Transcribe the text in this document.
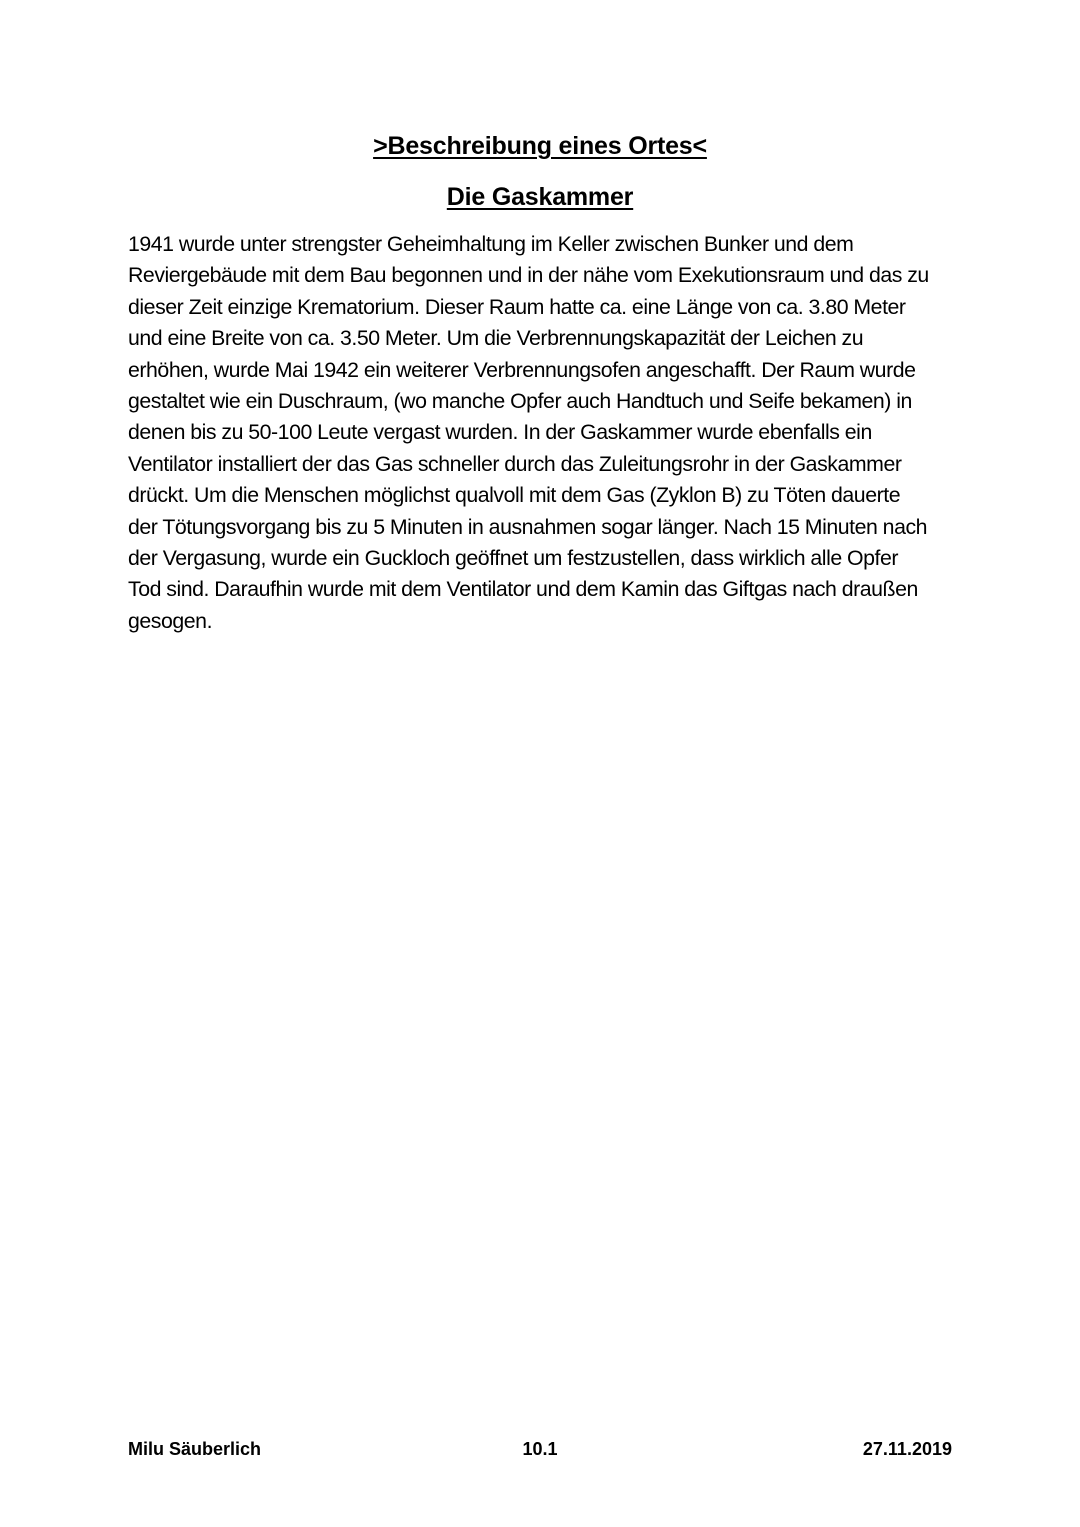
>Beschreibung eines Ortes<
Die Gaskammer

1941 wurde unter strengster Geheimhaltung im Keller zwischen Bunker und dem
Reviergebäude mit dem Bau begonnen und in der nähe vom Exekutionsraum und das zu
dieser Zeit einzige Krematorium. Dieser Raum hatte ca. eine Länge von ca. 3.80 Meter
und eine Breite von ca. 3.50 Meter. Um die Verbrennungskapazität der Leichen zu
erhöhen, wurde Mai 1942 ein weiterer Verbrennungsofen angeschafft. Der Raum wurde
gestaltet wie ein Duschraum, (wo manche Opfer auch Handtuch und Seife bekamen) in
denen bis zu 50-100 Leute vergast wurden. In der Gaskammer wurde ebenfalls ein
Ventilator installiert der das Gas schneller durch das Zuleitungsrohr in der Gaskammer
drückt. Um die Menschen möglichst qualvoll mit dem Gas (Zyklon B) zu Töten dauerte
der Tötungsvorgang bis zu 5 Minuten in ausnahmen sogar länger. Nach 15 Minuten nach
der Vergasung, wurde ein Guckloch geöffnet um festzustellen, dass wirklich alle Opfer
Tod sind. Daraufhin wurde mit dem Ventilator und dem Kamin das Giftgas nach draußen
gesogen.

Milu Säuberlich	10.1	27.11.2019
